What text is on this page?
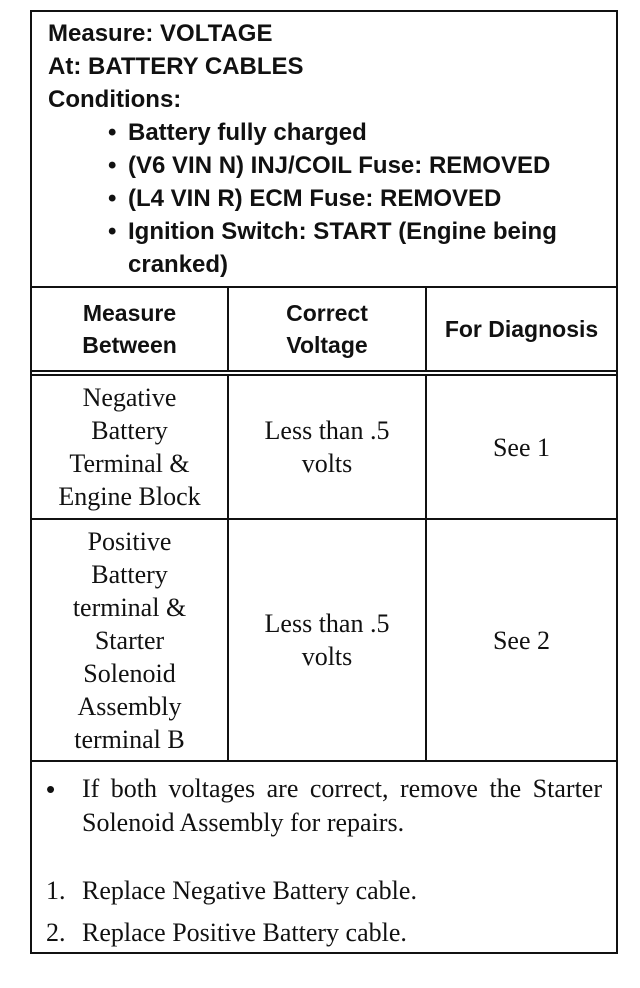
Measure: VOLTAGE
At: BATTERY CABLES
Conditions:
• Battery fully charged
• (V6 VIN N) INJ/COIL Fuse: REMOVED
• (L4 VIN R) ECM Fuse: REMOVED
• Ignition Switch: START (Engine being cranked)
Measure Between	Correct Voltage	For Diagnosis

Negative Battery Terminal & Engine Block	Less than .5 volts	See 1

Positive Battery terminal & Starter Solenoid Assembly terminal B	Less than .5 volts	See 2
• If both voltages are correct, remove the Starter Solenoid Assembly for repairs.
1. Replace Negative Battery cable.
2. Replace Positive Battery cable.
